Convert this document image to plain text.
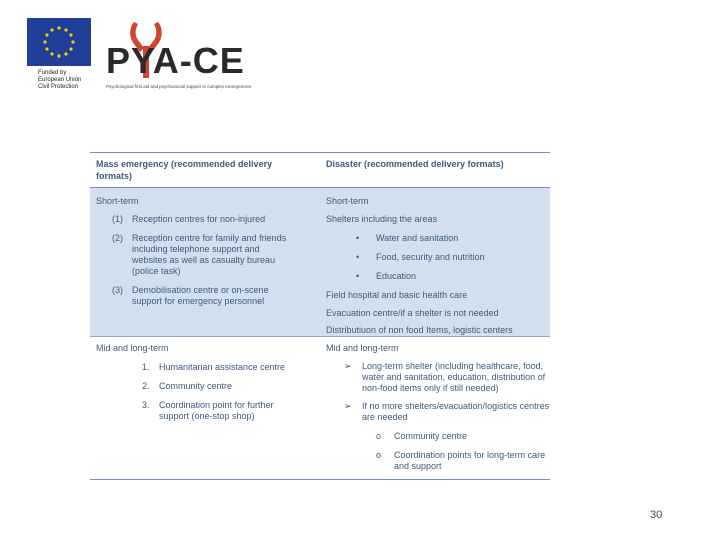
Funded by
European Union
Civil Protection
PYA-CE
Psychological first aid and psychosocial support in complex emergencies
Mass emergency (recommended delivery
formats)
Disaster (recommended delivery formats)
Short-term
(1) Reception centres for non-injured
(2) Reception centre for family and friends
including telephone support and
websites as well as casualty bureau
(police task)
(3) Demobilisation centre or on-scene
support for emergency personnel
Short-term
Shelters including the areas
• Water and sanitation
• Food, security and nutrition
• Education
Field hospital and basic health care
Evacuation centre/if a shelter is not needed
Distributiuon of non food Items, logistic centers
Mid and long-term
1. Humanitarian assistance centre
2. Community centre
3. Coordination point for further
support (one-stop shop)
Mid and long-term
➢ Long-term shelter (including healthcare, food,
water and sanitation, education, distribution of
non-food items only if still needed)
➢ If no more shelters/evacuation/logistics centres
are needed
o Community centre
o Coordination points for long-term care
and support
30
